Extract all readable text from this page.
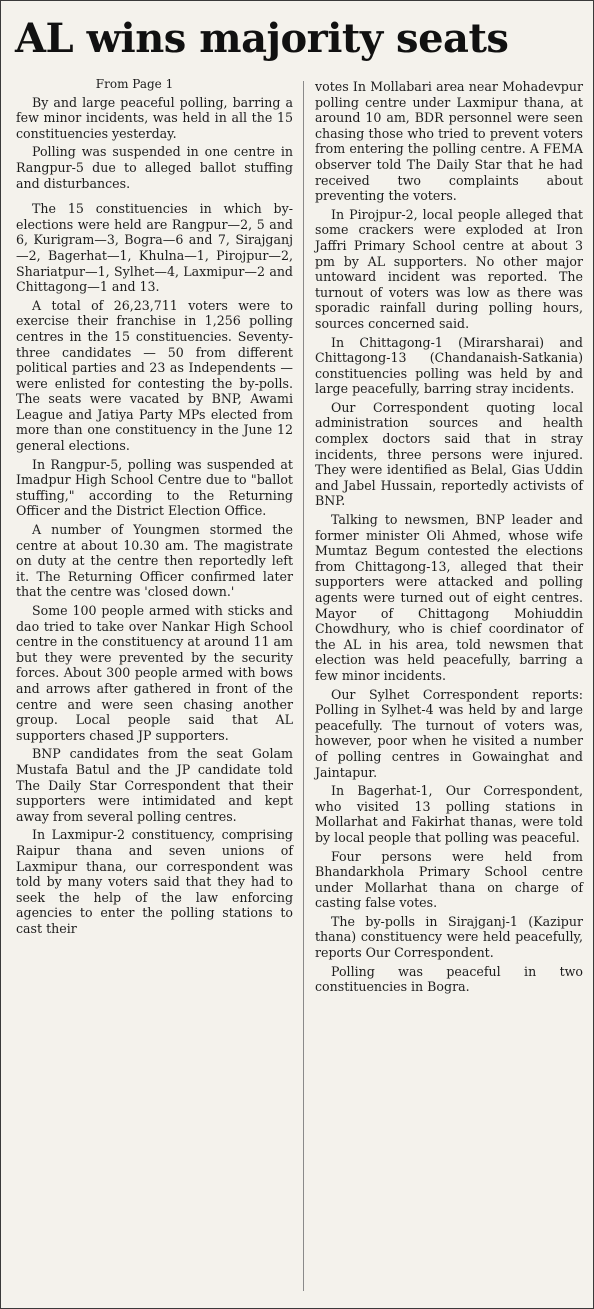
AL wins majority seats
From Page 1

By and large peaceful polling, barring a few minor incidents, was held in all the 15 constituencies yesterday.

Polling was suspended in one centre in Rangpur-5 due to alleged ballot stuffing and disturbances.

The 15 constituencies in which by-elections were held are Rangpur—2, 5 and 6, Kurigram—3, Bogra—6 and 7, Sirajganj—2, Bagerhat—1, Khulna—1, Pirojpur—2, Shariatpur—1, Sylhet—4, Laxmipur—2 and Chittagong—1 and 13.

A total of 26,23,711 voters were to exercise their franchise in 1,256 polling centres in the 15 constituencies. Seventy-three candidates — 50 from different political parties and 23 as Independents — were enlisted for contesting the by-polls. The seats were vacated by BNP, Awami League and Jatiya Party MPs elected from more than one constituency in the June 12 general elections.

In Rangpur-5, polling was suspended at Imadpur High School Centre due to "ballot stuffing," according to the Returning Officer and the District Election Office.

A number of Youngmen stormed the centre at about 10.30 am. The magistrate on duty at the centre then reportedly left it. The Returning Officer confirmed later that the centre was 'closed down.'

Some 100 people armed with sticks and dao tried to take over Nankar High School centre in the constituency at around 11 am but they were prevented by the security forces. About 300 people armed with bows and arrows after gathered in front of the centre and were seen chasing another group. Local people said that AL supporters chased JP supporters.

BNP candidates from the seat Golam Mustafa Batul and the JP candidate told The Daily Star Correspondent that their supporters were intimidated and kept away from several polling centres.

In Laxmipur-2 constituency, comprising Raipur thana and seven unions of Laxmipur thana, our correspondent was told by many voters said that they had to seek the help of the law enforcing agencies to enter the polling stations to cast their

votes In Mollabari area near Mohadevpur polling centre under Laxmipur thana, at around 10 am, BDR personnel were seen chasing those who tried to prevent voters from entering the polling centre. A FEMA observer told The Daily Star that he had received two complaints about preventing the voters.

In Pirojpur-2, local people alleged that some crackers were exploded at Iron Jaffri Primary School centre at about 3 pm by AL supporters. No other major untoward incident was reported. The turnout of voters was low as there was sporadic rainfall during polling hours, sources concerned said.

In Chittagong-1 (Mirarsharai) and Chittagong-13 (Chandanaish-Satkania) constituencies polling was held by and large peacefully, barring stray incidents.

Our Correspondent quoting local administration sources and health complex doctors said that in stray incidents, three persons were injured. They were identified as Belal, Gias Uddin and Jabel Hussain, reportedly activists of BNP.

Talking to newsmen, BNP leader and former minister Oli Ahmed, whose wife Mumtaz Begum contested the elections from Chittagong-13, alleged that their supporters were attacked and polling agents were turned out of eight centres. Mayor of Chittagong Mohiuddin Chowdhury, who is chief coordinator of the AL in his area, told newsmen that election was held peacefully, barring a few minor incidents.

Our Sylhet Correspondent reports: Polling in Sylhet-4 was held by and large peacefully. The turnout of voters was, however, poor when he visited a number of polling centres in Gowainghat and Jaintapur.

In Bagerhat-1, Our Correspondent, who visited 13 polling stations in Mollarhat and Fakirhat thanas, were told by local people that polling was peaceful.

Four persons were held from Bhandarkhola Primary School centre under Mollarhat thana on charge of casting false votes.

The by-polls in Sirajganj-1 (Kazipur thana) constituency were held peacefully, reports Our Correspondent.

Polling was peaceful in two constituencies in Bogra.
